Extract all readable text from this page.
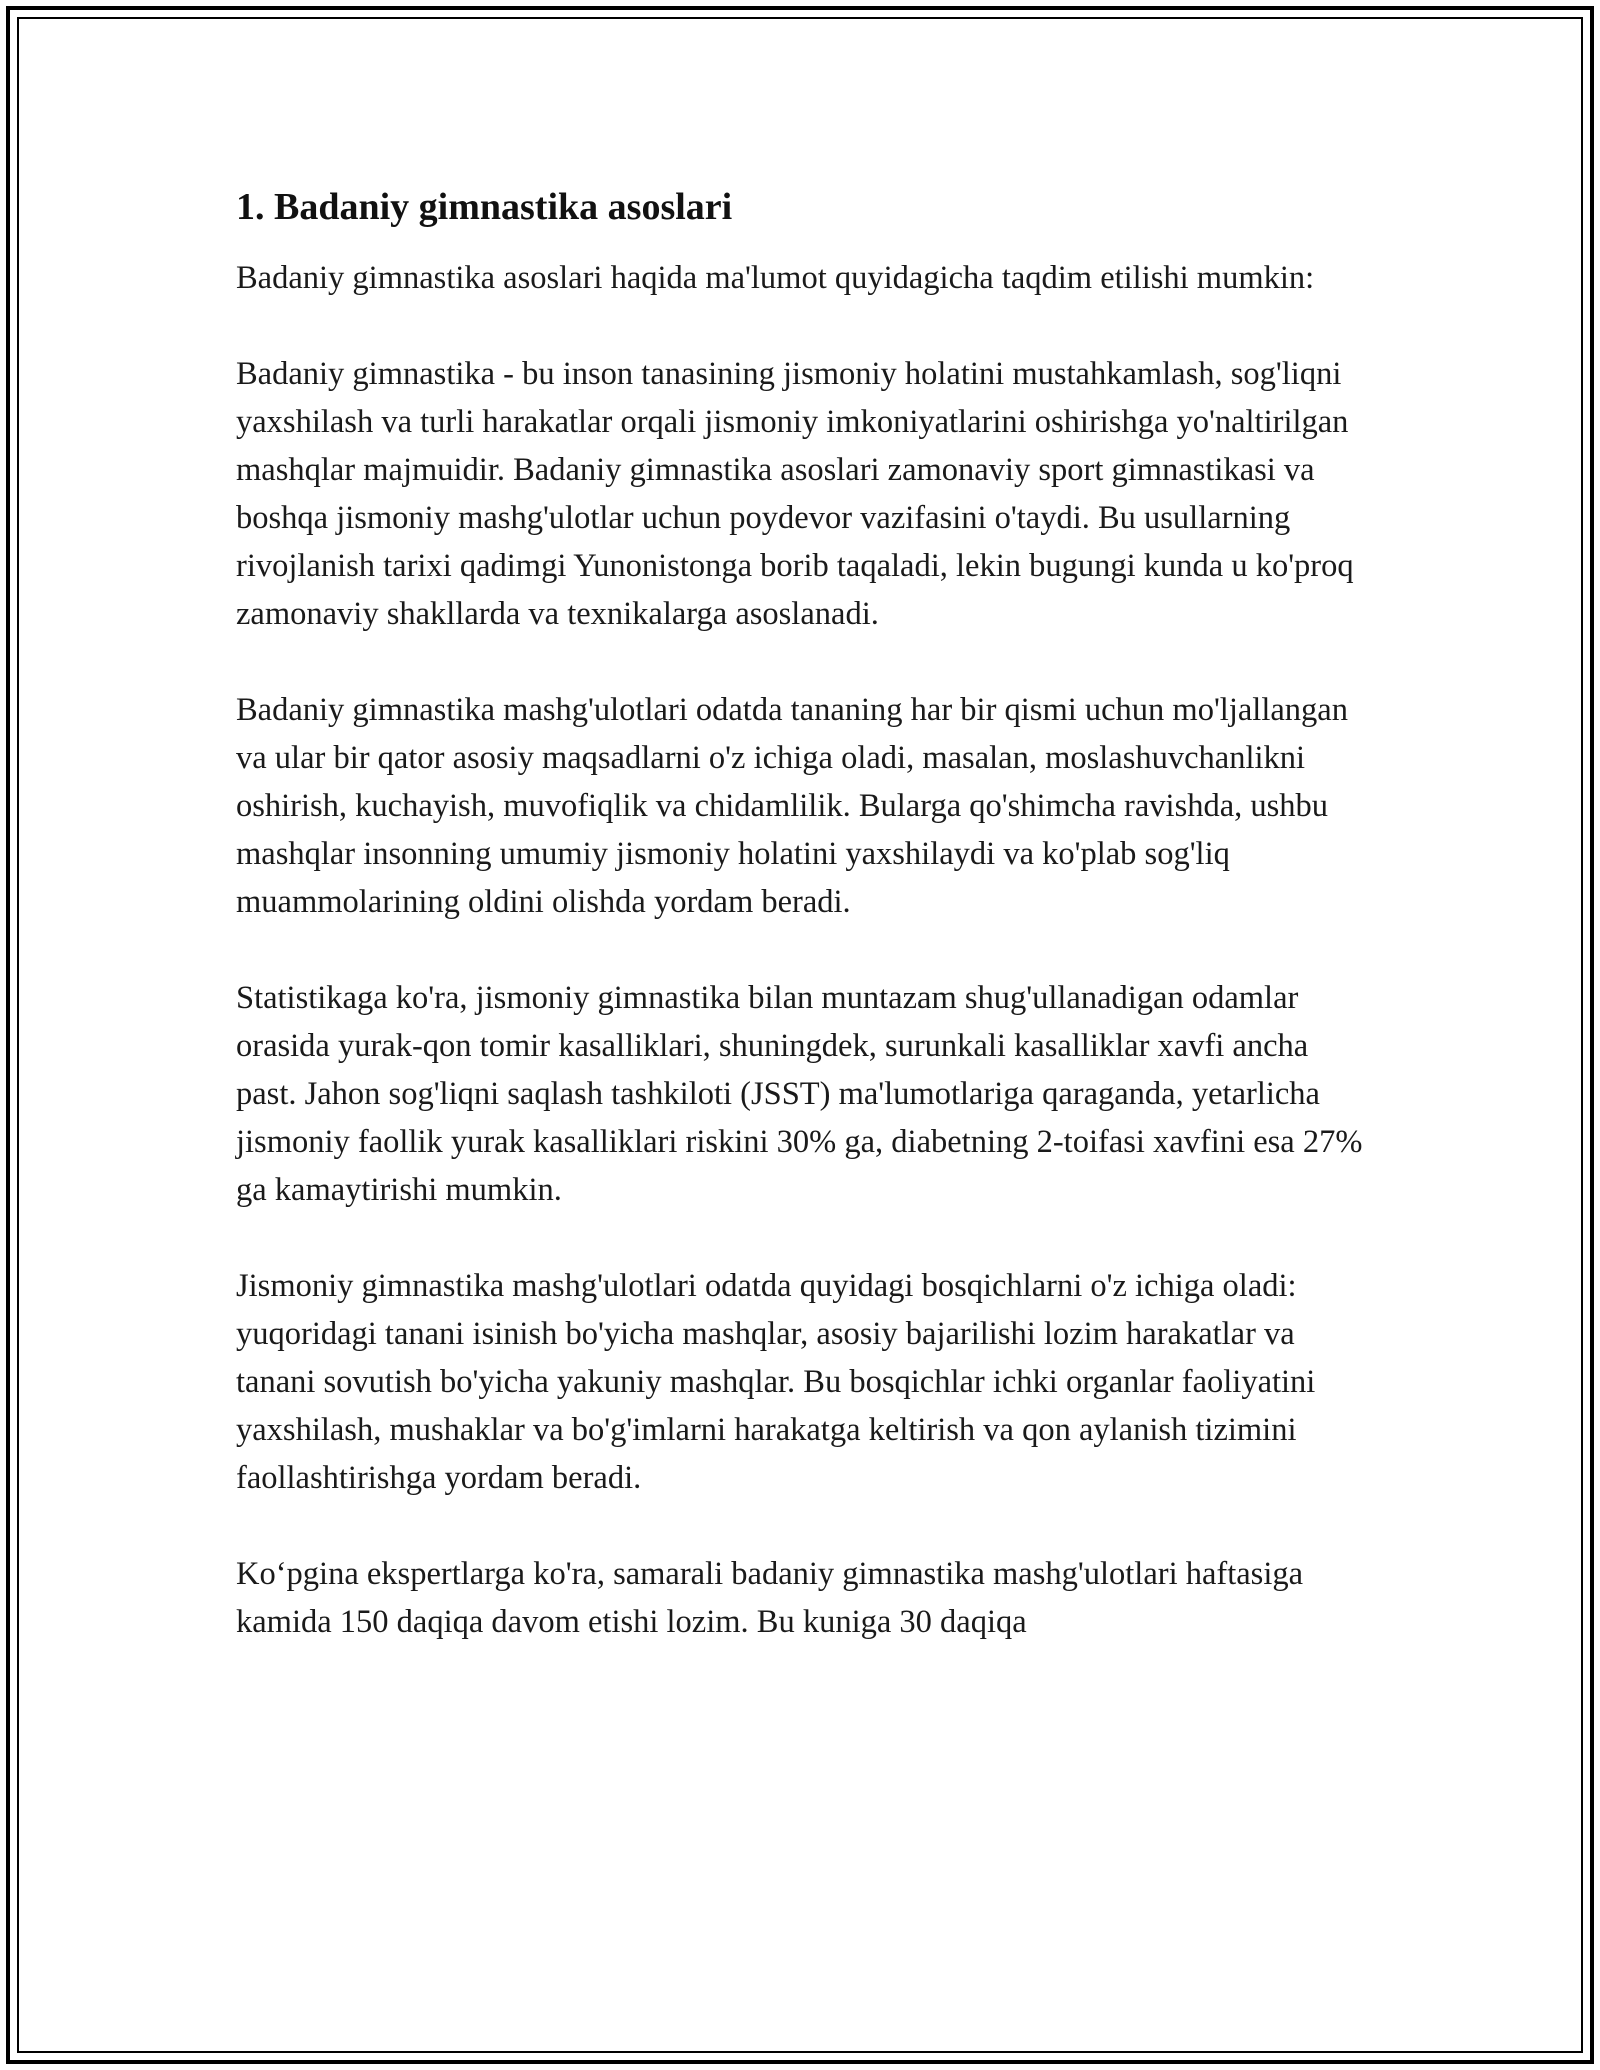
1. Badaniy gimnastika asoslari

Badaniy gimnastika asoslari haqida ma'lumot quyidagicha taqdim etilishi mumkin:

Badaniy gimnastika - bu inson tanasining jismoniy holatini mustahkamlash, sog'liqni yaxshilash va turli harakatlar orqali jismoniy imkoniyatlarini oshirishga yo'naltirilgan mashqlar majmuidir. Badaniy gimnastika asoslari zamonaviy sport gimnastikasi va boshqa jismoniy mashg'ulotlar uchun poydevor vazifasini o'taydi. Bu usullarning rivojlanish tarixi qadimgi Yunonistonga borib taqaladi, lekin bugungi kunda u ko'proq zamonaviy shakllarda va texnikalarga asoslanadi.

Badaniy gimnastika mashg'ulotlari odatda tananing har bir qismi uchun mo'ljallangan va ular bir qator asosiy maqsadlarni o'z ichiga oladi, masalan, moslashuvchanlikni oshirish, kuchayish, muvofiqlik va chidamlilik. Bularga qo'shimcha ravishda, ushbu mashqlar insonning umumiy jismoniy holatini yaxshilaydi va ko'plab sog'liq muammolarining oldini olishda yordam beradi.

Statistikaga ko'ra, jismoniy gimnastika bilan muntazam shug'ullanadigan odamlar orasida yurak-qon tomir kasalliklari, shuningdek, surunkali kasalliklar xavfi ancha past. Jahon sog'liqni saqlash tashkiloti (JSST) ma'lumotlariga qaraganda, yetarlicha jismoniy faollik yurak kasalliklari riskini 30% ga, diabetning 2-toifasi xavfini esa 27% ga kamaytirishi mumkin.

Jismoniy gimnastika mashg'ulotlari odatda quyidagi bosqichlarni o'z ichiga oladi: yuqoridagi tanani isinish bo'yicha mashqlar, asosiy bajarilishi lozim harakatlar va tanani sovutish bo'yicha yakuniy mashqlar. Bu bosqichlar ichki organlar faoliyatini yaxshilash, mushaklar va bo'g'imlarni harakatga keltirish va qon aylanish tizimini faollashtirishga yordam beradi.

Koʻpgina ekspertlarga ko'ra, samarali badaniy gimnastika mashg'ulotlari haftasiga kamida 150 daqiqa davom etishi lozim. Bu kuniga 30 daqiqa
